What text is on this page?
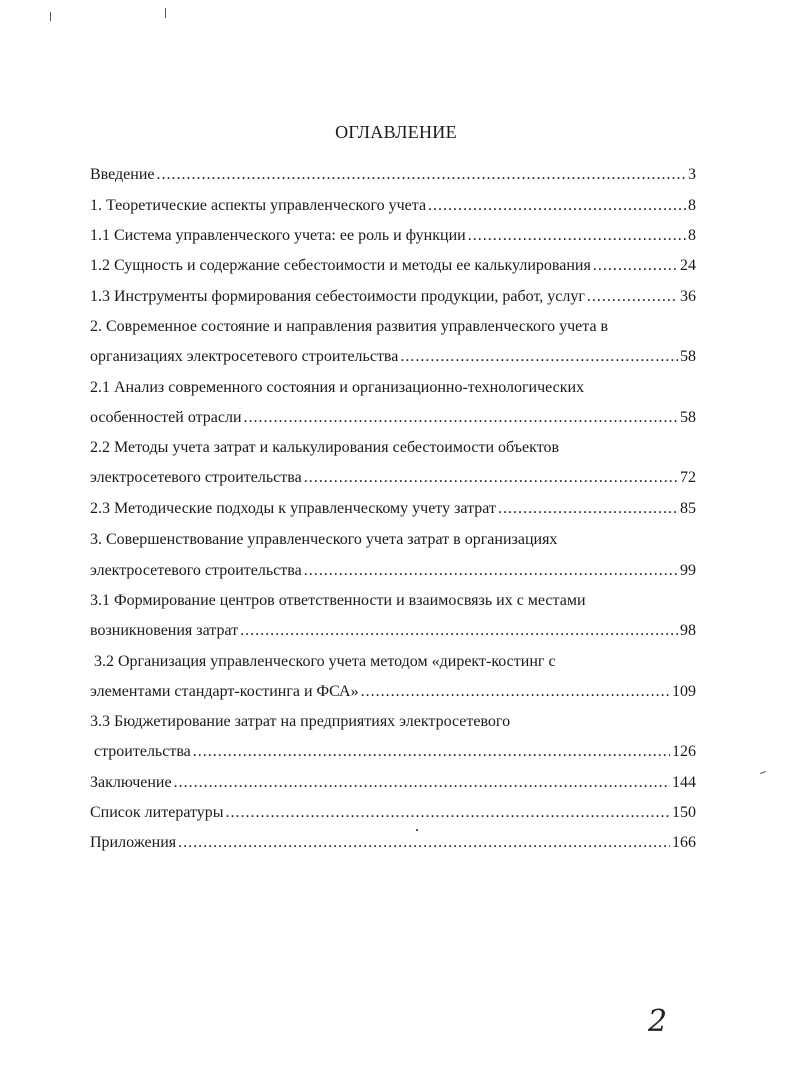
ОГЛАВЛЕНИЕ
Введение .....	3
1. Теоретические аспекты управленческого учета .....	8
1.1 Система управленческого учета: ее роль и функции .....	8
1.2 Сущность и содержание себестоимости и методы ее калькулирования .....	24
1.3 Инструменты формирования себестоимости продукции, работ, услуг .....	36
2. Современное состояние и направления развития управленческого учета в
организациях электросетевого строительства .....	58
2.1 Анализ современного состояния и организационно-технологических
особенностей отрасли .....	58
2.2 Методы учета затрат и калькулирования себестоимости объектов
электросетевого строительства .....	72
2.3 Методические подходы к управленческому учету затрат .....	85
3. Совершенствование управленческого учета затрат в организациях
электросетевого строительства .....	99
3.1 Формирование центров ответственности и взаимосвязь их с местами
возникновения затрат .....	98
3.2 Организация управленческого учета методом «директ-костинг с
элементами стандарт-костинга и ФСА» .....	109
3.3 Бюджетирование затрат на предприятиях электросетевого
строительства .....	126
Заключение .....	144
Список литературы .....	150
Приложения .....	166
2
